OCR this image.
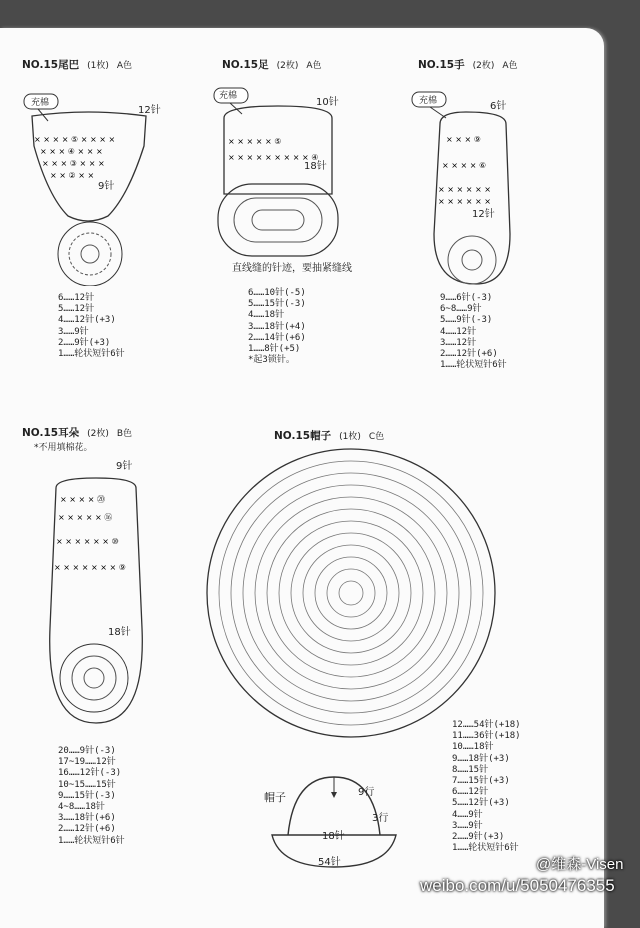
NO.15尾巴 (1枚) A色
× × × × ⑤ × × × ×
× × × ④ × × ×
× × × ③ × × ×
× × ② × ×
12针
9针
充棉
6……12针
5……12针
4……12针(+3)
3……9针
2……9针(+3)
1……轮状短针6针
NO.15足 (2枚) A色
× × × × × ⑤
× × × × × × × × × ④
10针
18针
充棉
直线缝的针迹，要抽紧缝线
6……10针(-5)
5……15针(-3)
4……18针
3……18针(+4)
2……14针(+6)
1……8针(+5)
*起3锁针。
NO.15手 (2枚) A色
× × × ⑨
× × × × ⑥
× × × × × ×
× × × × × ×
6针
12针
充棉
9……6针(-3)
6~8……9针
5……9针(-3)
4……12针
3……12针
2……12针(+6)
1……轮状短针6针
NO.15耳朵 (2枚) B色
*不用填棉花。
× × × × ⑳
× × × × × ⑯
× × × × × × ⑩
× × × × × × × ⑨
9针
18针
20……9针(-3)
17~19……12针
16……12针(-3)
10~15……15针
9……15针(-3)
4~8……18针
3……18针(+6)
2……12针(+6)
1……轮状短针6针
NO.15帽子 (1枚) C色
帽子	9行
3行
18针
54针
12……54针(+18)
11……36针(+18)
10……18针
9……18针(+3)
8……15针
7……15针(+3)
6……12针
5……12针(+3)
4……9针
3……9针
2……9针(+3)
1……轮状短针6针
@维森-Visen
weibo.com/u/5050476355
